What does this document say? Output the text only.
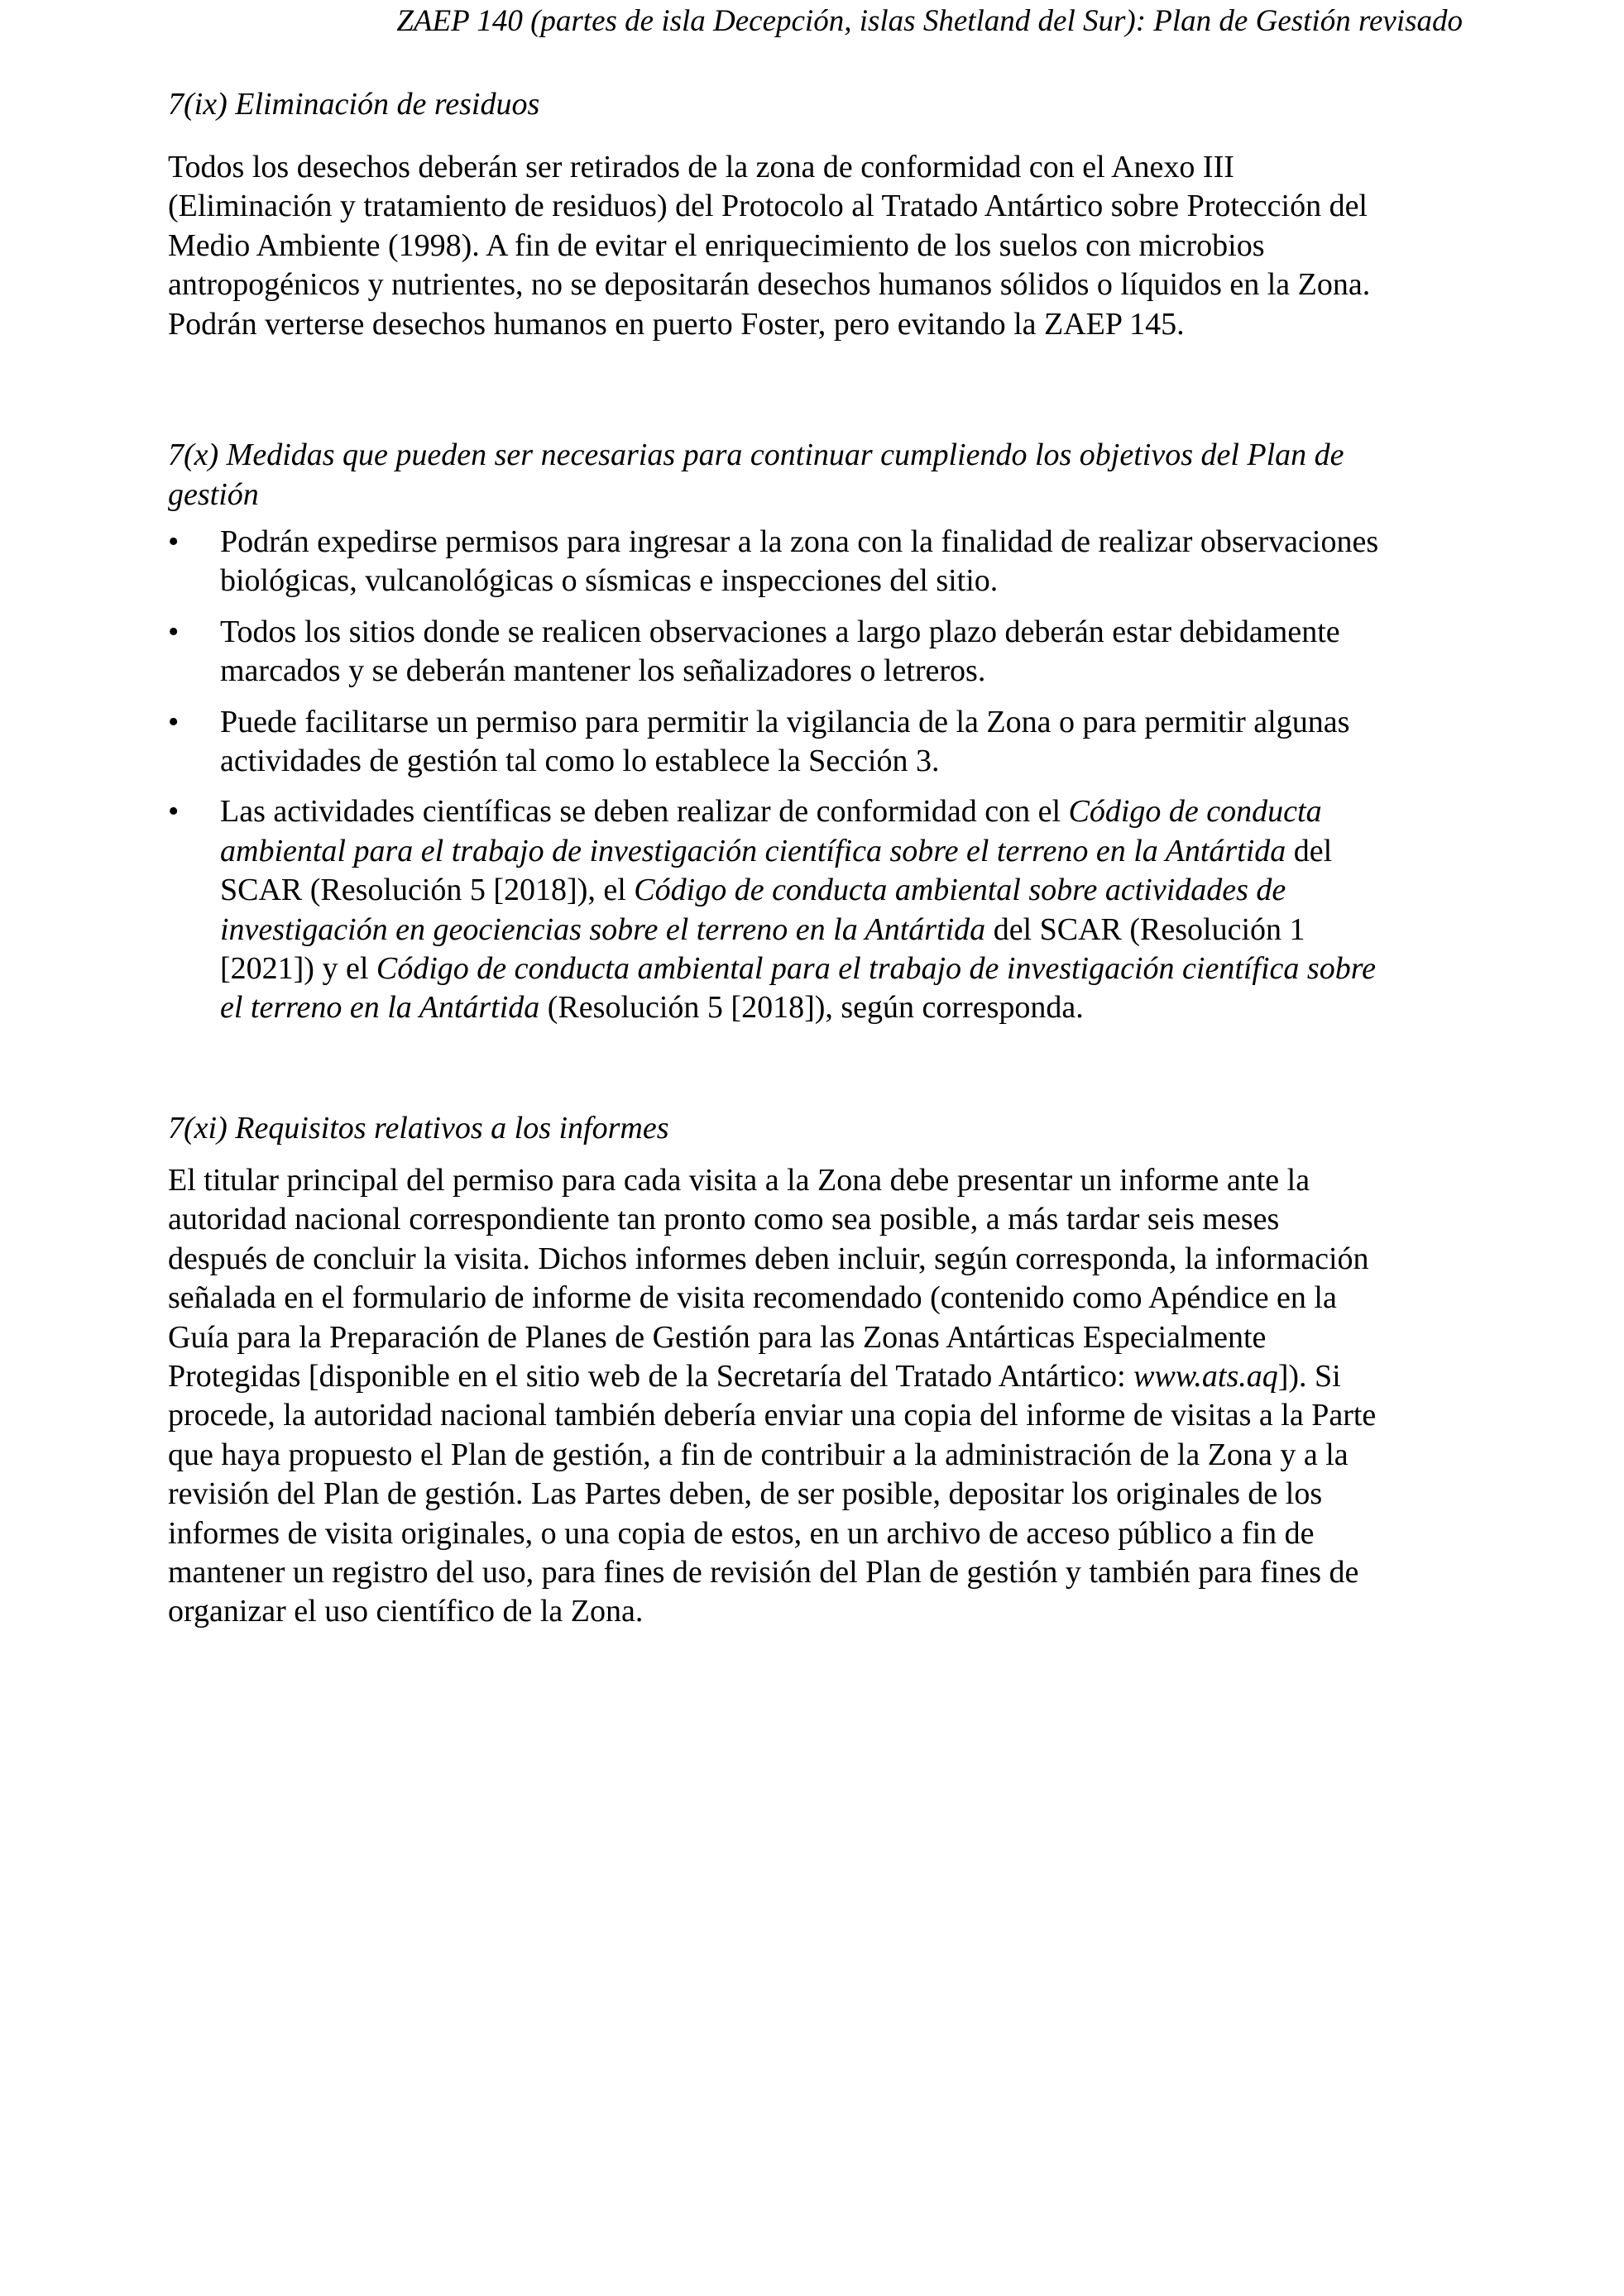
ZAEP 140 (partes de isla Decepción, islas Shetland del Sur): Plan de Gestión revisado
7(ix) Eliminación de residuos
Todos los desechos deberán ser retirados de la zona de conformidad con el Anexo III
(Eliminación y tratamiento de residuos) del Protocolo al Tratado Antártico sobre Protección del
Medio Ambiente (1998). A fin de evitar el enriquecimiento de los suelos con microbios
antropogénicos y nutrientes, no se depositarán desechos humanos sólidos o líquidos en la Zona.
Podrán verterse desechos humanos en puerto Foster, pero evitando la ZAEP 145.
7(x) Medidas que pueden ser necesarias para continuar cumpliendo los objetivos del Plan de
gestión
•	Podrán expedirse permisos para ingresar a la zona con la finalidad de realizar observaciones
biológicas, vulcanológicas o sísmicas e inspecciones del sitio.
•	Todos los sitios donde se realicen observaciones a largo plazo deberán estar debidamente
marcados y se deberán mantener los señalizadores o letreros.
•	Puede facilitarse un permiso para permitir la vigilancia de la Zona o para permitir algunas
actividades de gestión tal como lo establece la Sección 3.
•	Las actividades científicas se deben realizar de conformidad con el Código de conducta
ambiental para el trabajo de investigación científica sobre el terreno en la Antártida del
SCAR (Resolución 5 [2018]), el Código de conducta ambiental sobre actividades de
investigación en geociencias sobre el terreno en la Antártida del SCAR (Resolución 1
[2021]) y el Código de conducta ambiental para el trabajo de investigación científica sobre
el terreno en la Antártida (Resolución 5 [2018]), según corresponda.
7(xi) Requisitos relativos a los informes
El titular principal del permiso para cada visita a la Zona debe presentar un informe ante la
autoridad nacional correspondiente tan pronto como sea posible, a más tardar seis meses
después de concluir la visita. Dichos informes deben incluir, según corresponda, la información
señalada en el formulario de informe de visita recomendado (contenido como Apéndice en la
Guía para la Preparación de Planes de Gestión para las Zonas Antárticas Especialmente
Protegidas [disponible en el sitio web de la Secretaría del Tratado Antártico: www.ats.aq]). Si
procede, la autoridad nacional también debería enviar una copia del informe de visitas a la Parte
que haya propuesto el Plan de gestión, a fin de contribuir a la administración de la Zona y a la
revisión del Plan de gestión. Las Partes deben, de ser posible, depositar los originales de los
informes de visita originales, o una copia de estos, en un archivo de acceso público a fin de
mantener un registro del uso, para fines de revisión del Plan de gestión y también para fines de
organizar el uso científico de la Zona.
